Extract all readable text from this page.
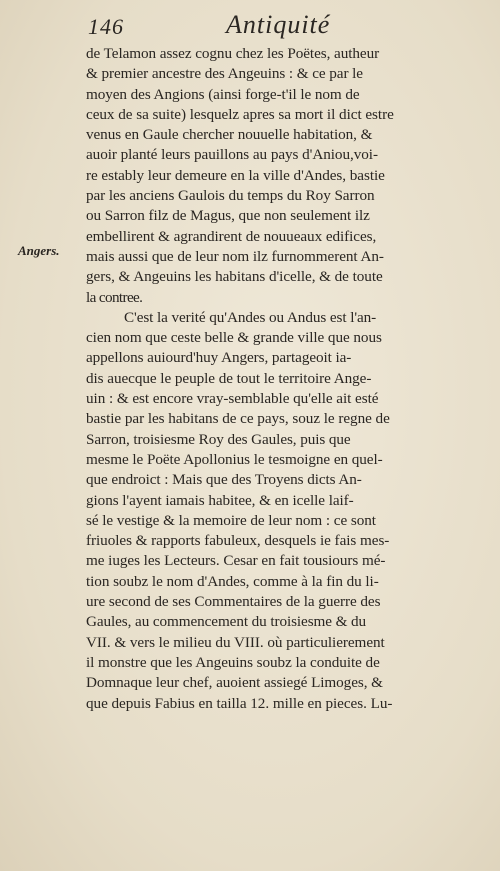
146	Antiquité
Angers.
de Telamon assez cognu chez les Poëtes, autheur
& premier ancestre des Angeuins : & ce par le
moyen des Angions (ainsi forge-t'il le nom de
ceux de sa suite) lesquelz apres sa mort il dict estre
venus en Gaule chercher nouuelle habitation, &
auoir planté leurs pauillons au pays d'Aniou,voi-
re estably leur demeure en la ville d'Andes, bastie
par les anciens Gaulois du temps du Roy Sarron
ou Sarron filz de Magus, que non seulement ilz
embellirent & agrandirent de nouueaux edifices,
mais aussi que de leur nom ilz furnommerent An-
gers, & Angeuins les habitans d'icelle, & de toute
la contree.
C'est la verité qu'Andes ou Andus est l'an-
cien nom que ceste belle & grande ville que nous
appellons auiourd'huy Angers, partageoit ia-
dis auecque le peuple de tout le territoire Ange-
uin : & est encore vray-semblable qu'elle ait esté
bastie par les habitans de ce pays, souz le regne de
Sarron, troisiesme Roy des Gaules, puis que
mesme le Poëte Apollonius le tesmoigne en quel-
que endroict : Mais que des Troyens dicts An-
gions l'ayent iamais habitee, & en icelle laif-
sé le vestige & la memoire de leur nom : ce sont
friuoles & rapports fabuleux, desquels ie fais mes-
me iuges les Lecteurs. Cesar en fait tousiours mé-
tion soubz le nom d'Andes, comme à la fin du li-
ure second de ses Commentaires de la guerre des
Gaules, au commencement du troisiesme & du
VII. & vers le milieu du VIII. où particulierement
il monstre que les Angeuins soubz la conduite de
Domnaque leur chef, auoient assiegé Limoges, &
que depuis Fabius en tailla 12. mille en pieces. Lu-
